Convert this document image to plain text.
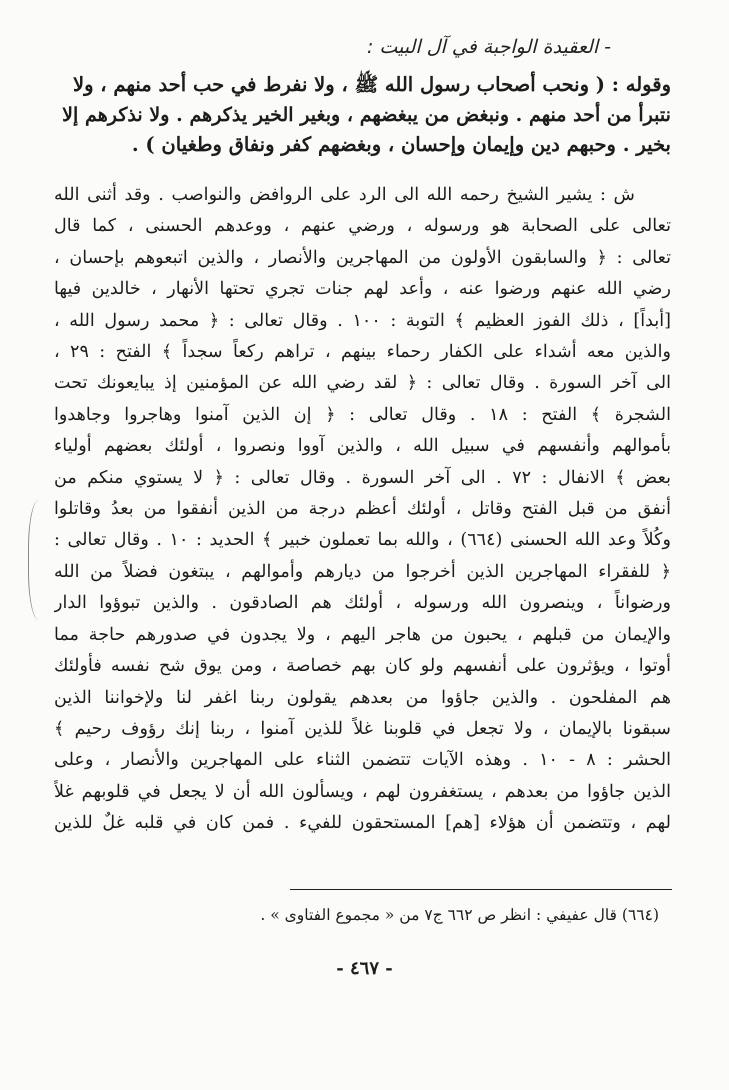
- العقيدة الواجبة في آل البيت :
وقوله : ( ونحب أصحاب رسول الله ﷺ ، ولا نفرط في حب أحد منهم ، ولا
نتبرأ من أحد منهم . ونبغض من يبغضهم ، وبغير الخير يذكرهم . ولا نذكرهم إلا
بخير . وحبهم دين وإيمان وإحسان ، وبغضهم كفر ونفاق وطغيان ) .
ش : يشير الشيخ رحمه الله الى الرد على الروافض والنواصب . وقد أثنى الله
تعالى على الصحابة هو ورسوله ، ورضي عنهم ، ووعدهم الحسنى ، كما قال
تعالى : ﴿ والسابقون الأولون من المهاجرين والأنصار ، والذين اتبعوهم بإحسان ،
رضي الله عنهم ورضوا عنه ، وأعد لهم جنات تجري تحتها الأنهار ، خالدين فيها
[أبداً] ، ذلك الفوز العظيم ﴾ التوبة : ١٠٠ . وقال تعالى : ﴿ محمد رسول الله ،
والذين معه أشداء على الكفار رحماء بينهم ، تراهم ركعاً سجداً ﴾ الفتح : ٢٩ ،
الى آخر السورة . وقال تعالى : ﴿ لقد رضي الله عن المؤمنين إذ يبايعونك تحت
الشجرة ﴾ الفتح : ١٨ . وقال تعالى : ﴿ إن الذين آمنوا وهاجروا وجاهدوا
بأموالهم وأنفسهم في سبيل الله ، والذين آووا ونصروا ، أولئك بعضهم أولياء
بعض ﴾ الانفال : ٧٢ . الى آخر السورة . وقال تعالى : ﴿ لا يستوي منكم من
أنفق من قبل الفتح وقاتل ، أولئك أعظم درجة من الذين أنفقوا من بعدُ وقاتلوا
وكُلاً وعد الله الحسنى (٦٦٤) ، والله بما تعملون خبير ﴾ الحديد : ١٠ . وقال تعالى :
﴿ للفقراء المهاجرين الذين أخرجوا من ديارهم وأموالهم ، يبتغون فضلاً من الله
ورضواناً ، وينصرون الله ورسوله ، أولئك هم الصادقون . والذين تبوؤوا الدار
والإيمان من قبلهم ، يحبون من هاجر اليهم ، ولا يجدون في صدورهم حاجة مما
أوتوا ، ويؤثرون على أنفسهم ولو كان بهم خصاصة ، ومن يوق شح نفسه فأولئك
هم المفلحون . والذين جاؤوا من بعدهم يقولون ربنا اغفر لنا ولإخواننا الذين
سبقونا بالإيمان ، ولا تجعل في قلوبنا غلاً للذين آمنوا ، ربنا إنك رؤوف رحيم ﴾
الحشر : ٨ - ١٠ . وهذه الآيات تتضمن الثناء على المهاجرين والأنصار ، وعلى
الذين جاؤوا من بعدهم ، يستغفرون لهم ، ويسألون الله أن لا يجعل في قلوبهم غلاً
لهم ، وتتضمن أن هؤلاء [هم] المستحقون للفيء . فمن كان في قلبه غلٌ للذين
(٦٦٤) قال عفيفي : انظر ص ٦٦٢ ج٧ من « مجموع الفتاوى » .
- ٤٦٧ -
